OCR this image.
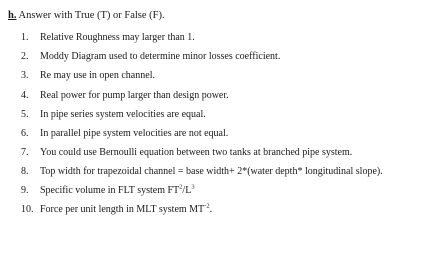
h. Answer with True (T) or False (F).
1.	Relative Roughness may larger than 1.
2.	Moddy Diagram used to determine minor losses coefficient.
3.	Re may use in open channel.
4.	Real power for pump larger than design power.
5.	In pipe series system velocities are equal.
6.	In parallel pipe system velocities are not equal.
7.	You could use Bernoulli equation between two tanks at branched pipe system.
8.	Top width for trapezoidal channel = base width+ 2*(water depth* longitudinal slope).
9.	Specific volume in FLT system $FT^2/L^3$
10. Force per unit length in MLT system $MT^{-2}$.
